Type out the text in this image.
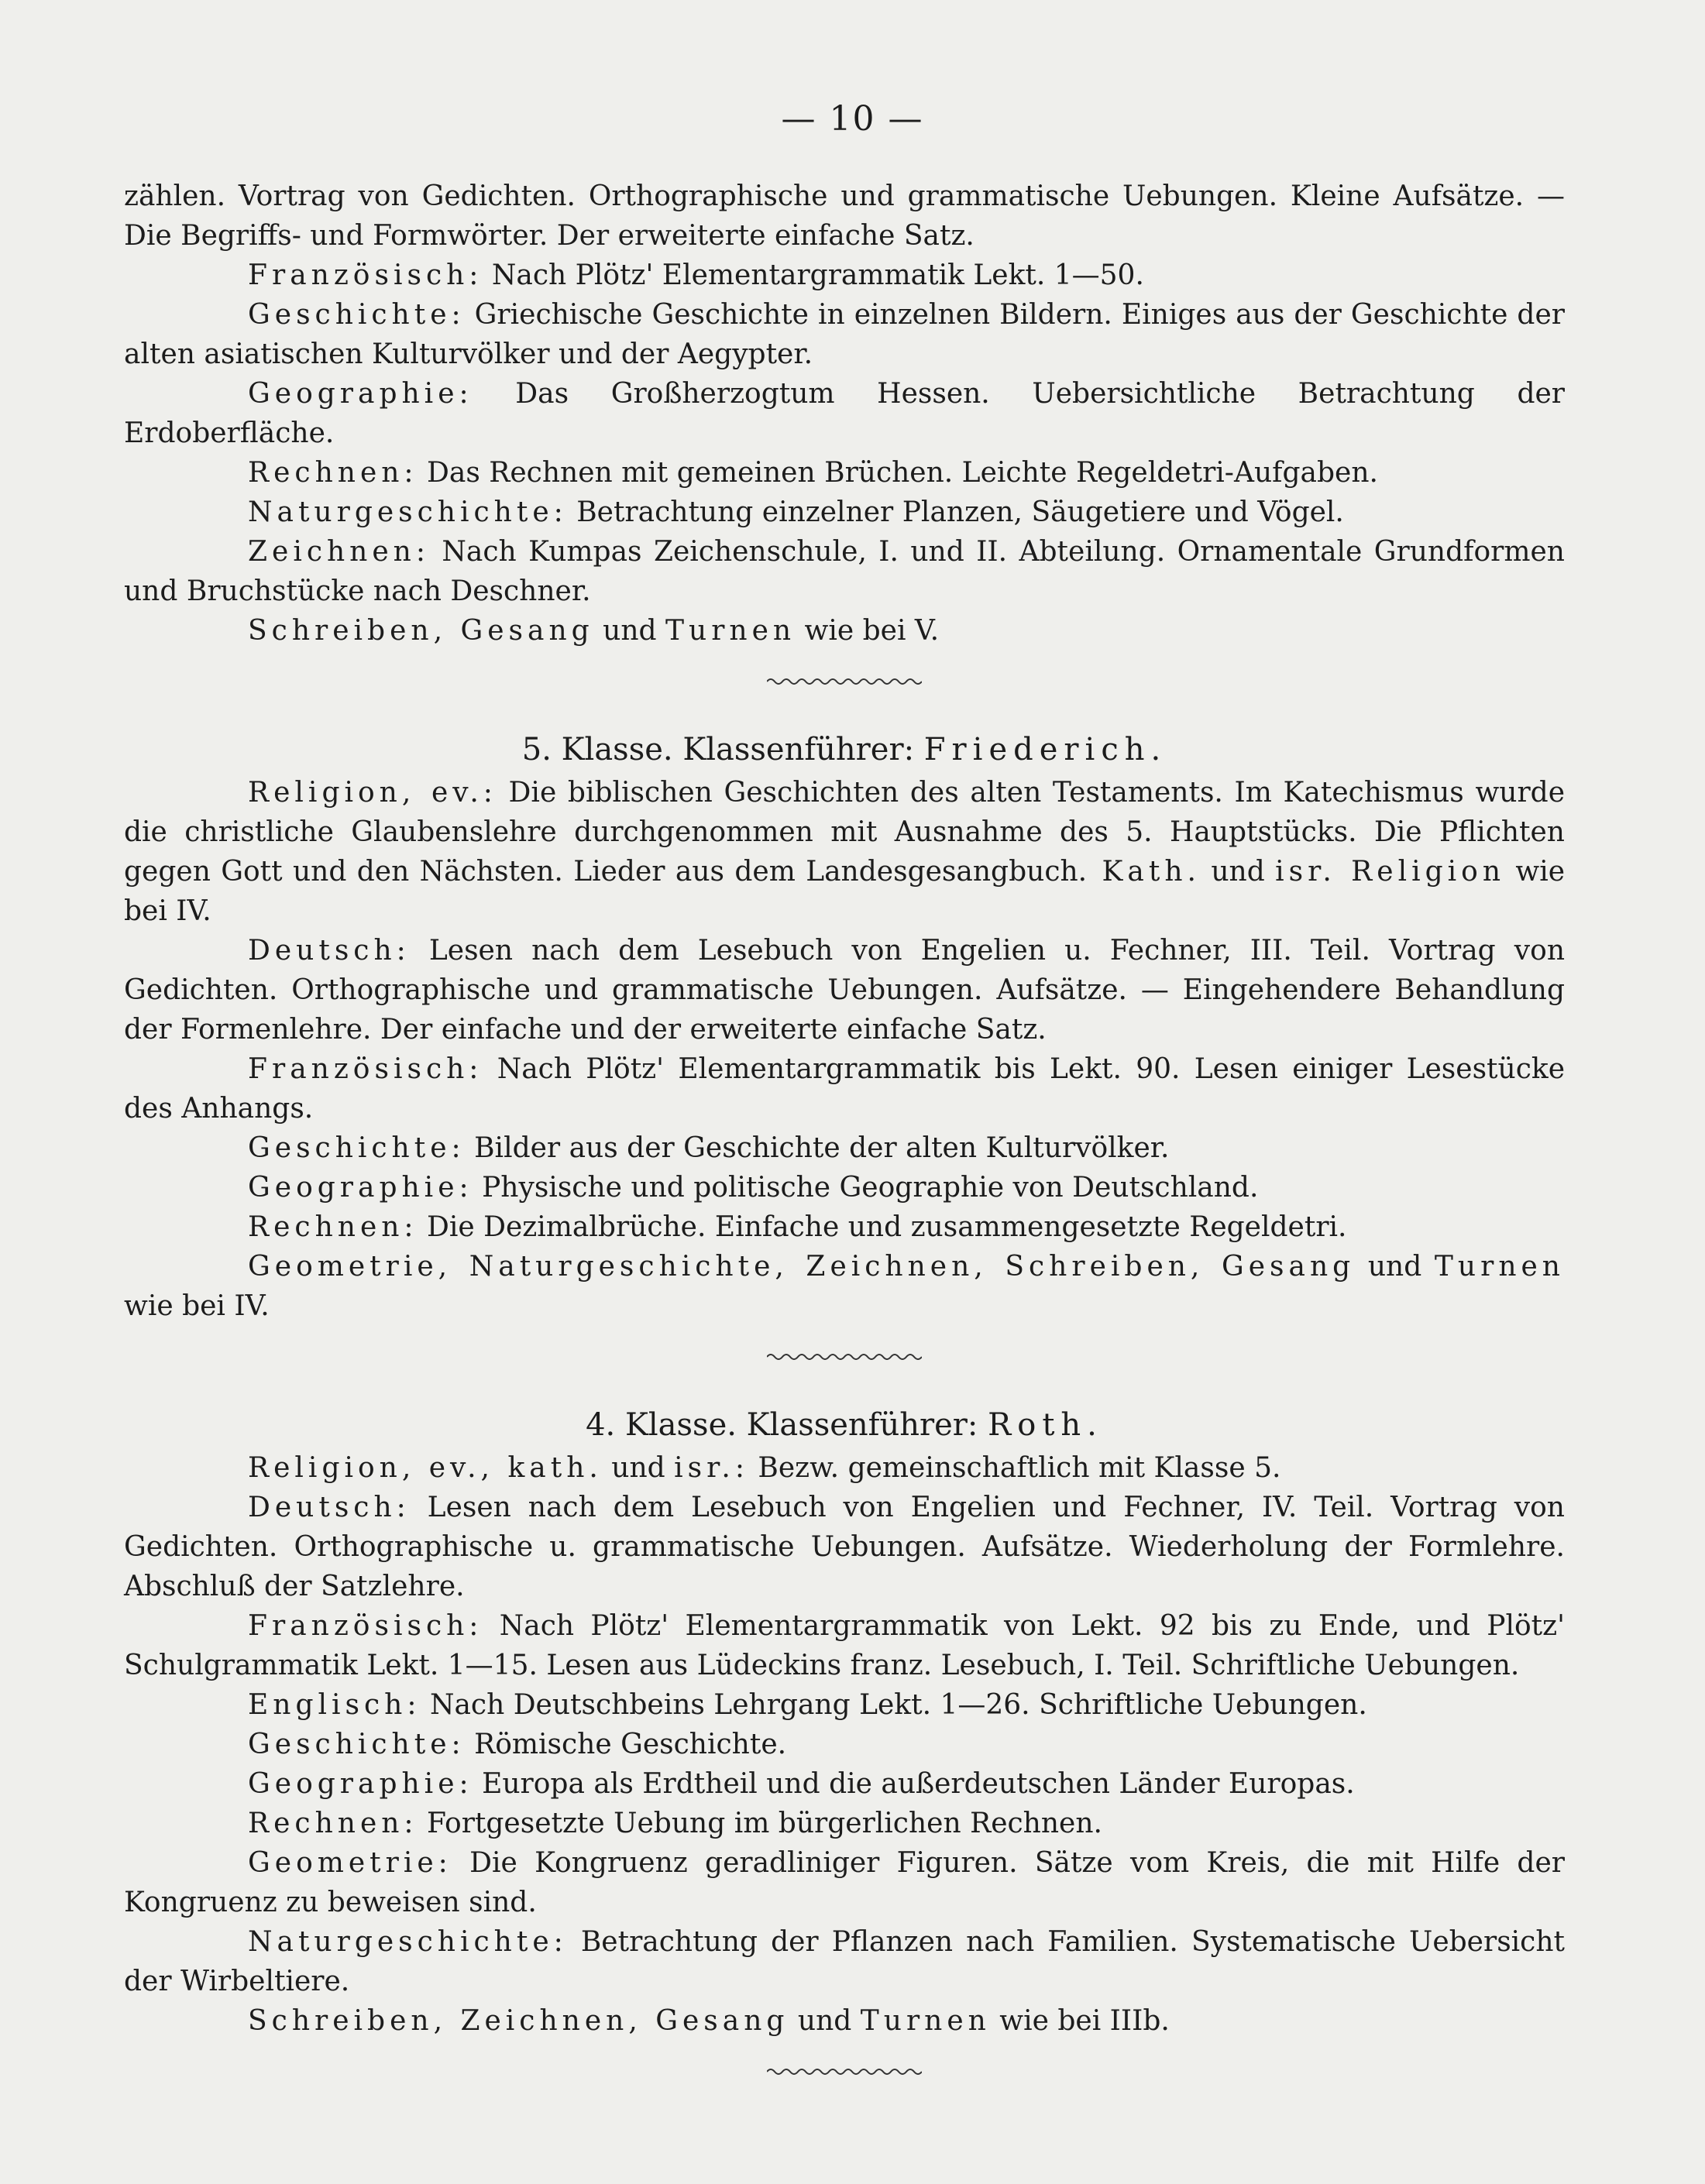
— 10 —

zählen. Vortrag von Gedichten. Orthographische und grammatische Uebungen. Kleine Aufsätze. — Die Begriffs- und Formwörter. Der erweiterte einfache Satz.

Französisch: Nach Plötz' Elementargrammatik Lekt. 1—50.

Geschichte: Griechische Geschichte in einzelnen Bildern. Einiges aus der Geschichte der alten asiatischen Kulturvölker und der Aegypter.

Geographie: Das Großherzogtum Hessen. Uebersichtliche Betrachtung der Erdoberfläche.

Rechnen: Das Rechnen mit gemeinen Brüchen. Leichte Regeldetri-Aufgaben.

Naturgeschichte: Betrachtung einzelner Planzen, Säugetiere und Vögel.

Zeichnen: Nach Kumpas Zeichenschule, I. und II. Abteilung. Ornamentale Grundformen und Bruchstücke nach Deschner.

Schreiben, Gesang und Turnen wie bei V.

5. Klasse. Klassenführer: Friederich.

Religion, ev.: Die biblischen Geschichten des alten Testaments. Im Katechismus wurde die christliche Glaubenslehre durchgenommen mit Ausnahme des 5. Hauptstücks. Die Pflichten gegen Gott und den Nächsten. Lieder aus dem Landesgesangbuch. Kath. und isr. Religion wie bei IV.

Deutsch: Lesen nach dem Lesebuch von Engelien u. Fechner, III. Teil. Vortrag von Gedichten. Orthographische und grammatische Uebungen. Aufsätze. — Eingehendere Behandlung der Formenlehre. Der einfache und der erweiterte einfache Satz.

Französisch: Nach Plötz' Elementargrammatik bis Lekt. 90. Lesen einiger Lesestücke des Anhangs.

Geschichte: Bilder aus der Geschichte der alten Kulturvölker.

Geographie: Physische und politische Geographie von Deutschland.

Rechnen: Die Dezimalbrüche. Einfache und zusammengesetzte Regeldetri.

Geometrie, Naturgeschichte, Zeichnen, Schreiben, Gesang und Turnen wie bei IV.

4. Klasse. Klassenführer: Roth.

Religion, ev., kath. und isr.: Bezw. gemeinschaftlich mit Klasse 5.

Deutsch: Lesen nach dem Lesebuch von Engelien und Fechner, IV. Teil. Vortrag von Gedichten. Orthographische u. grammatische Uebungen. Aufsätze. Wiederholung der Formlehre. Abschluß der Satzlehre.

Französisch: Nach Plötz' Elementargrammatik von Lekt. 92 bis zu Ende, und Plötz' Schulgrammatik Lekt. 1—15. Lesen aus Lüdeckins franz. Lesebuch, I. Teil. Schriftliche Uebungen.

Englisch: Nach Deutschbeins Lehrgang Lekt. 1—26. Schriftliche Uebungen.

Geschichte: Römische Geschichte.

Geographie: Europa als Erdtheil und die außerdeutschen Länder Europas.

Rechnen: Fortgesetzte Uebung im bürgerlichen Rechnen.

Geometrie: Die Kongruenz geradliniger Figuren. Sätze vom Kreis, die mit Hilfe der Kongruenz zu beweisen sind.

Naturgeschichte: Betrachtung der Pflanzen nach Familien. Systematische Uebersicht der Wirbeltiere.

Schreiben, Zeichnen, Gesang und Turnen wie bei IIIb.
